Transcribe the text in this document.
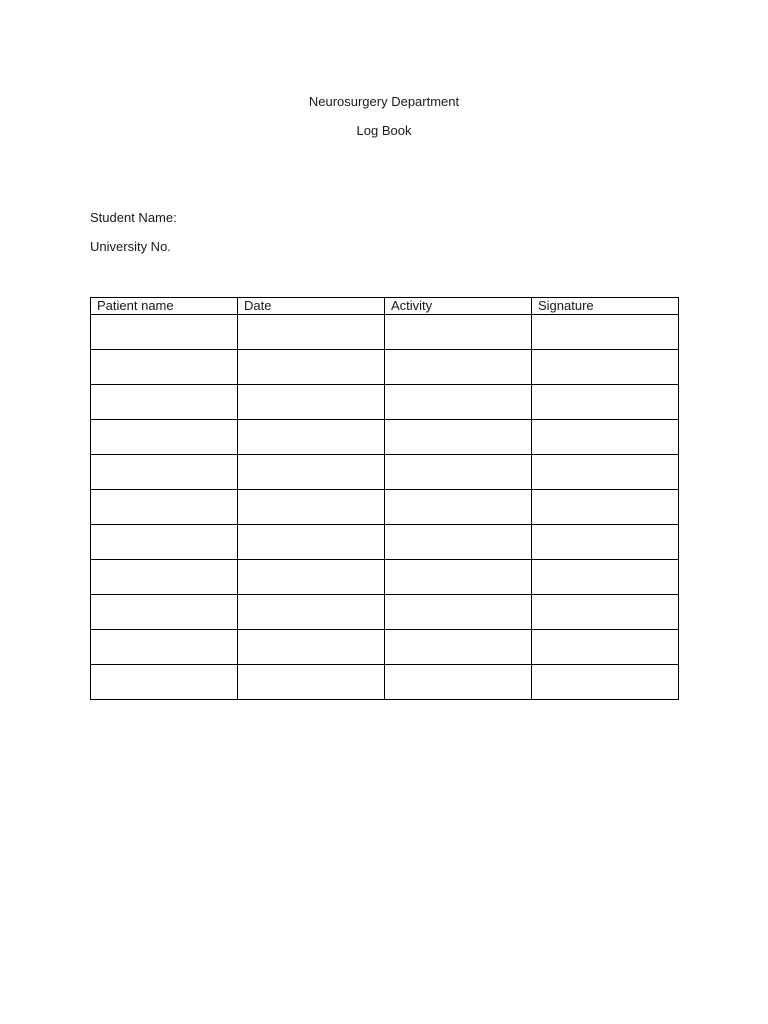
Neurosurgery Department
Log Book
Student Name:
University No.
Patient name	Date	Activity	Signature
